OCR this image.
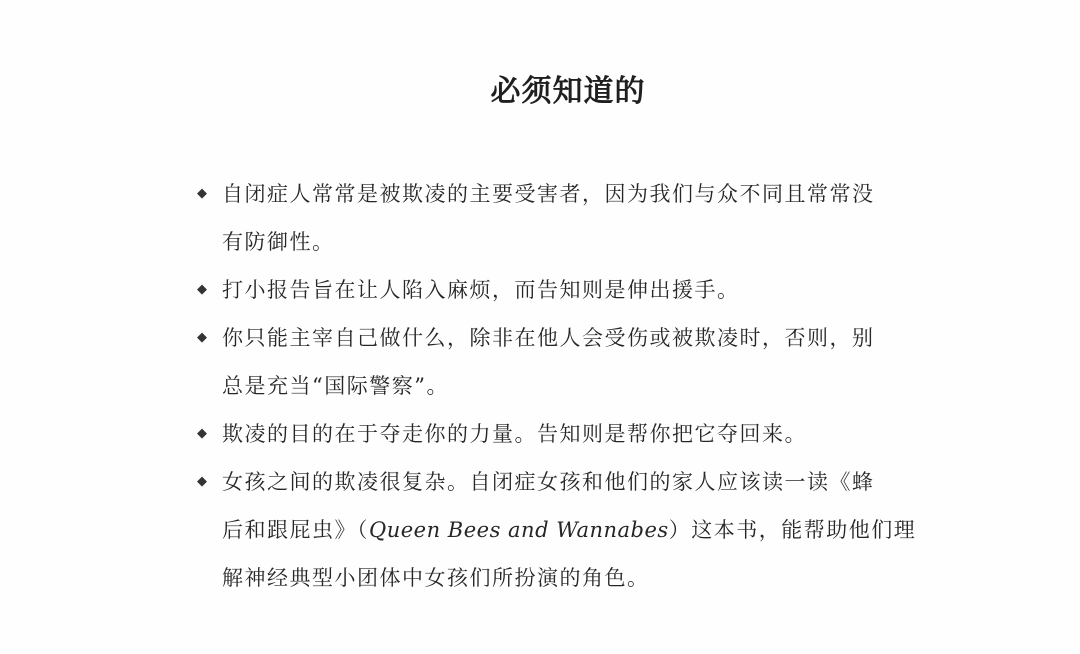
必须知道的
◆ 自闭症人常常是被欺凌的主要受害者，因为我们与众不同且常常没
有防御性。
◆ 打小报告旨在让人陷入麻烦，而告知则是伸出援手。
◆ 你只能主宰自己做什么，除非在他人会受伤或被欺凌时，否则，别
总是充当“国际警察”。
◆ 欺凌的目的在于夺走你的力量。告知则是帮你把它夺回来。
◆ 女孩之间的欺凌很复杂。自闭症女孩和他们的家人应该读一读《蜂
后和跟屁虫》（Queen Bees and Wannabes）这本书，能帮助他们理
解神经典型小团体中女孩们所扮演的角色。
